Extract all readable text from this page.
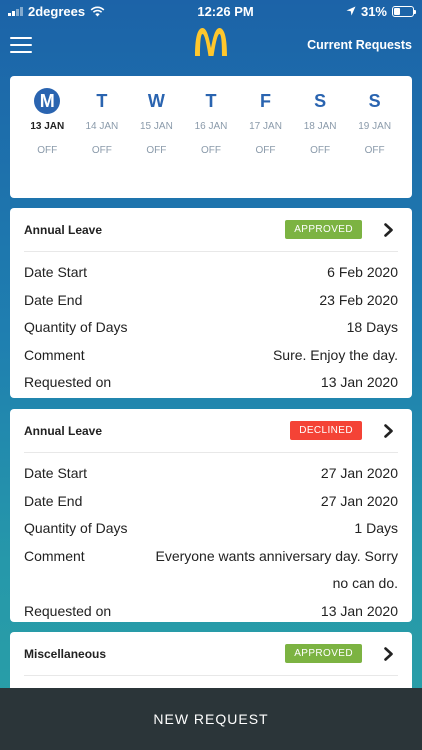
2degrees	12:26 PM	31%
Current Requests
M
13 JAN
OFF
T
14 JAN
OFF
W
15 JAN
OFF
T
16 JAN
OFF
F
17 JAN
OFF
S
18 JAN
OFF
S
19 JAN
OFF
Annual Leave	APPROVED
Date Start	6 Feb 2020
Date End	23 Feb 2020
Quantity of Days	18 Days
Comment	Sure. Enjoy the day.
Requested on	13 Jan 2020
Annual Leave	DECLINED
Date Start	27 Jan 2020
Date End	27 Jan 2020
Quantity of Days	1 Days
Comment	Everyone wants anniversary day. Sorry no can do.
Requested on	13 Jan 2020
Miscellaneous	APPROVED
NEW REQUEST
